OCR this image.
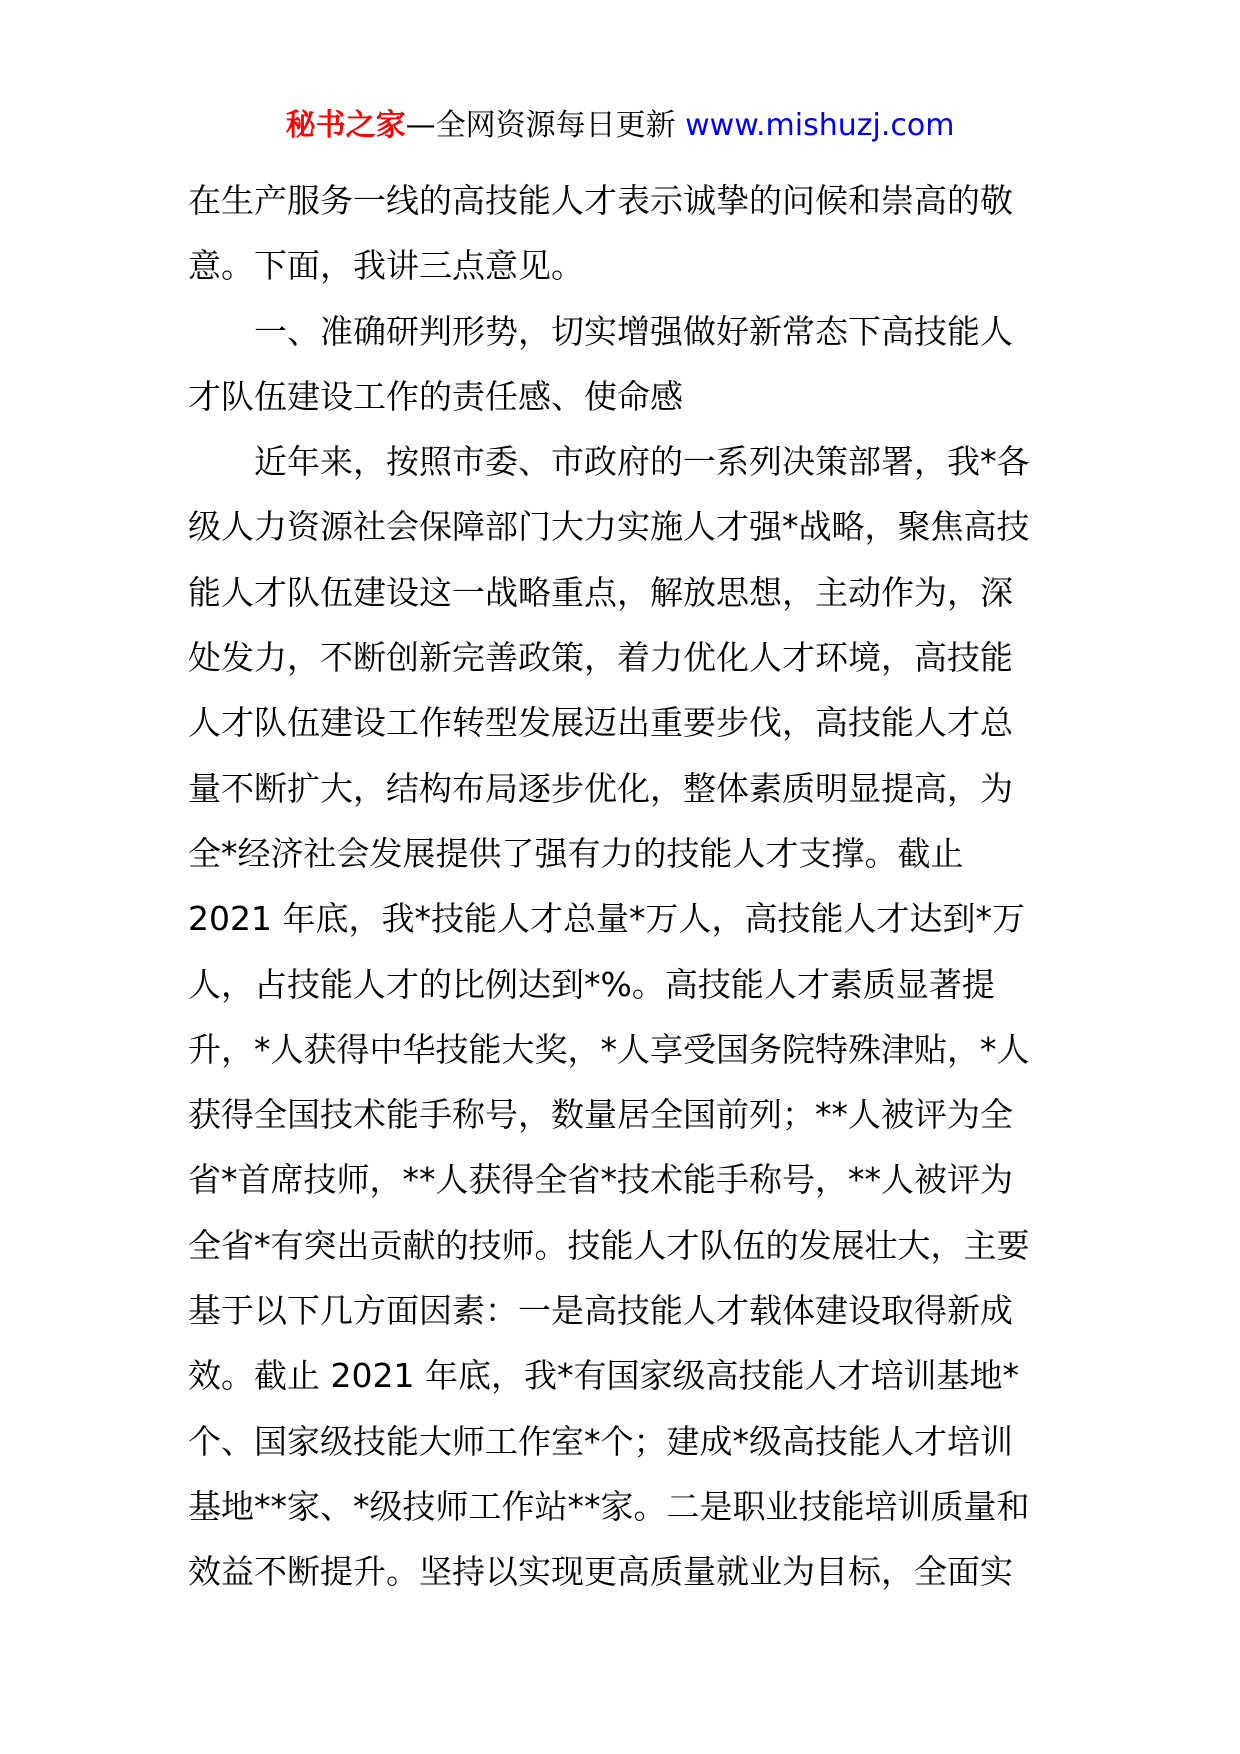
秘书之家—全网资源每日更新 www.mishuzj.com
在生产服务一线的高技能人才表示诚挚的问候和崇高的敬
意。下面，我讲三点意见。
一、准确研判形势，切实增强做好新常态下高技能人
才队伍建设工作的责任感、使命感
近年来，按照市委、市政府的一系列决策部署，我*各
级人力资源社会保障部门大力实施人才强*战略，聚焦高技
能人才队伍建设这一战略重点，解放思想，主动作为，深
处发力，不断创新完善政策，着力优化人才环境，高技能
人才队伍建设工作转型发展迈出重要步伐，高技能人才总
量不断扩大，结构布局逐步优化，整体素质明显提高，为
全*经济社会发展提供了强有力的技能人才支撑。截止
2021 年底，我*技能人才总量*万人，高技能人才达到*万
人，占技能人才的比例达到*%。高技能人才素质显著提
升，*人获得中华技能大奖，*人享受国务院特殊津贴，*人
获得全国技术能手称号，数量居全国前列；**人被评为全
省*首席技师，**人获得全省*技术能手称号，**人被评为
全省*有突出贡献的技师。技能人才队伍的发展壮大，主要
基于以下几方面因素：一是高技能人才载体建设取得新成
效。截止 2021 年底，我*有国家级高技能人才培训基地*
个、国家级技能大师工作室*个；建成*级高技能人才培训
基地**家、*级技师工作站**家。二是职业技能培训质量和
效益不断提升。坚持以实现更高质量就业为目标，全面实
